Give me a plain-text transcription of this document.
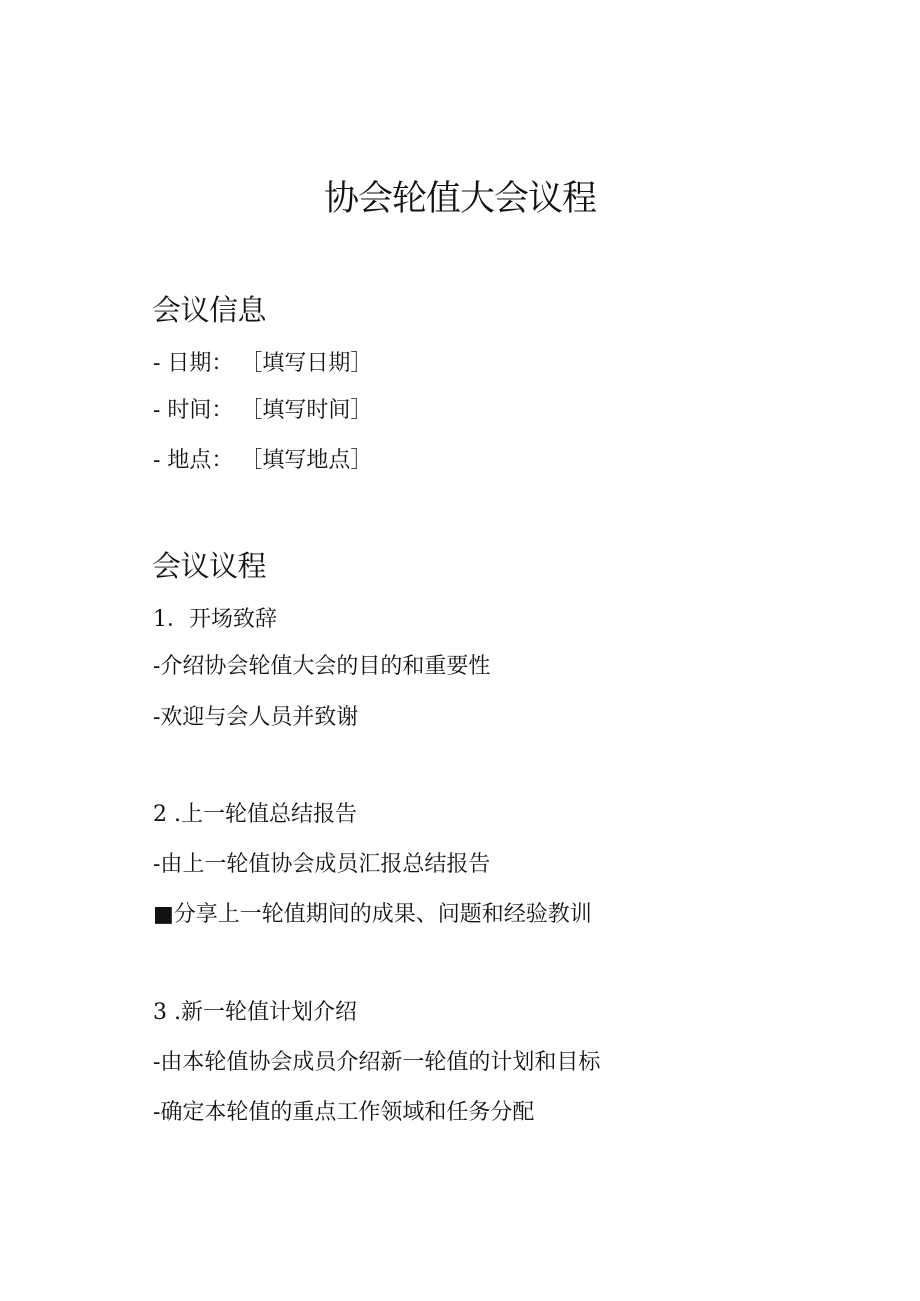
协会轮值大会议程
会议信息
- 日期： ［填写日期］
- 时间： ［填写时间］
- 地点： ［填写地点］
会议议程
1．开场致辞
-介绍协会轮值大会的目的和重要性
-欢迎与会人员并致谢
2 .上一轮值总结报告
-由上一轮值协会成员汇报总结报告
■分享上一轮值期间的成果、问题和经验教训
3 .新一轮值计划介绍
-由本轮值协会成员介绍新一轮值的计划和目标
-确定本轮值的重点工作领域和任务分配
